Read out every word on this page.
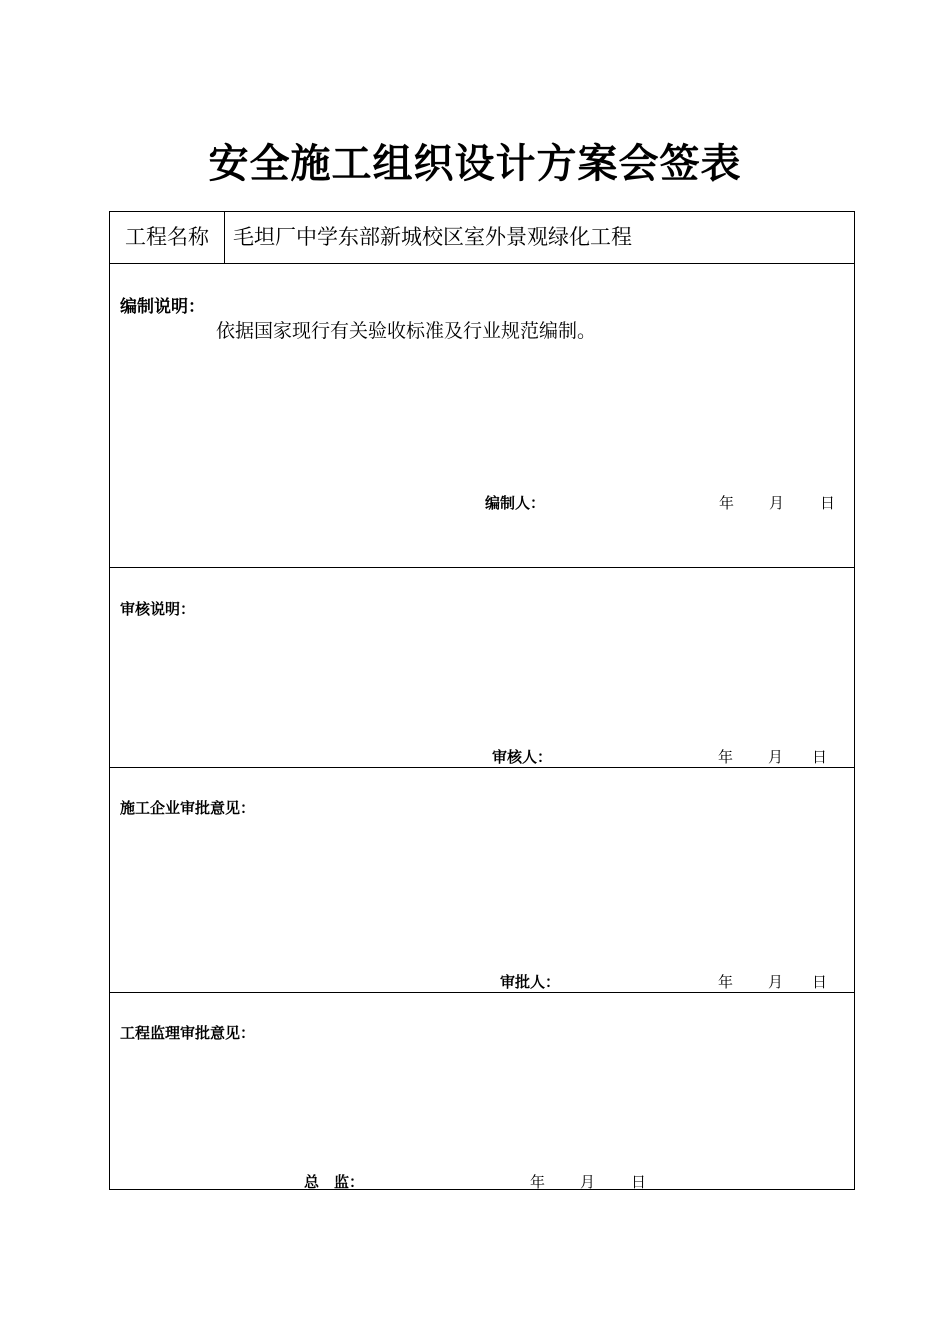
安全施工组织设计方案会签表
工程名称	毛坦厂中学东部新城校区室外景观绿化工程
编制说明：
依据国家现行有关验收标准及行业规范编制。
编制人：	年 月 日
审核说明：
审核人：	年 月 日
施工企业审批意见：
审批人：	年 月 日
工程监理审批意见：
总　监：	年 月 日
